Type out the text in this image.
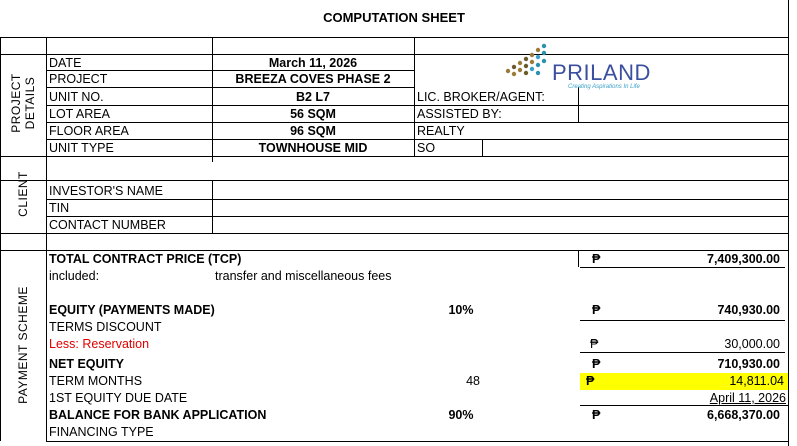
COMPUTATION SHEET
PROJECT DETAILS
CLIENT
PAYMENT SCHEME
DATE	March 11, 2026
PROJECT	BREEZA COVES PHASE 2
UNIT NO.	B2 L7
LOT AREA	56 SQM
FLOOR AREA	96 SQM
UNIT TYPE	TOWNHOUSE MID
LIC. BROKER/AGENT:
ASSISTED BY:
REALTY
SO
PRILAND
Creating Aspirations In Life
INVESTOR'S NAME
TIN
CONTACT NUMBER
TOTAL CONTRACT PRICE (TCP)	₱	7,409,300.00
included:	transfer and miscellaneous fees
EQUITY (PAYMENTS MADE)	10%	₱	740,930.00
TERMS DISCOUNT
Less: Reservation	₱	30,000.00
NET EQUITY	₱	710,930.00
TERM MONTHS	48	₱	14,811.04
1ST EQUITY DUE DATE	April 11, 2026
BALANCE FOR BANK APPLICATION	90%	₱	6,668,370.00
FINANCING TYPE
